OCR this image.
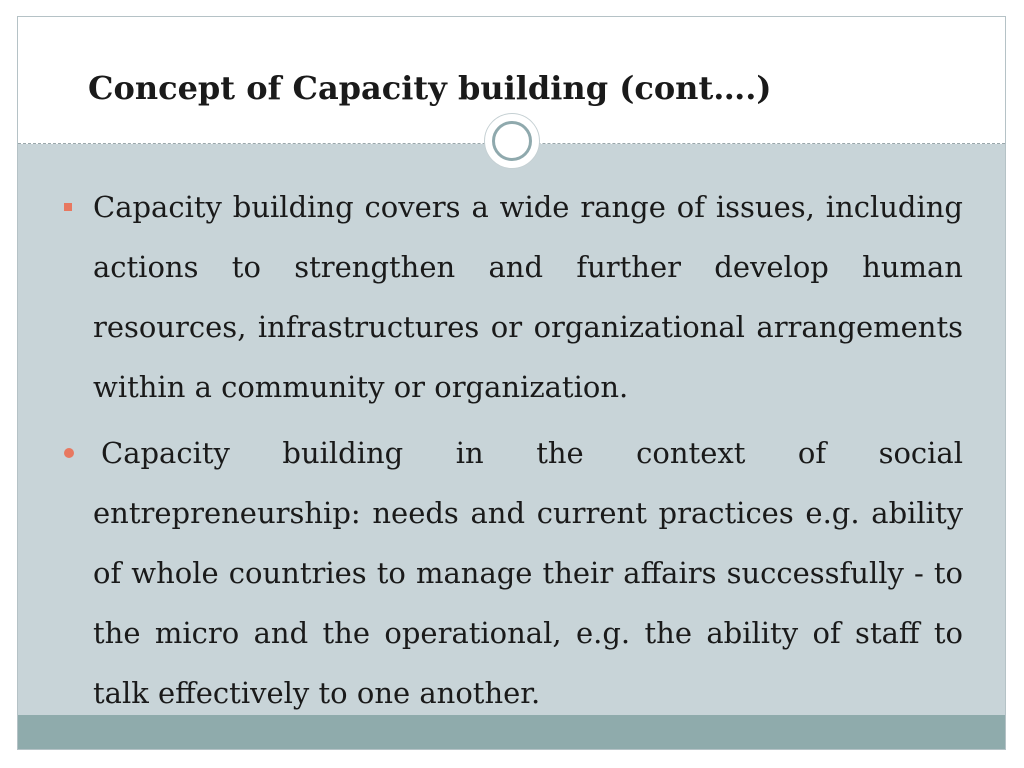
Concept of Capacity building (cont….)
Capacity building covers a wide range of issues, including actions to strengthen and further develop human resources, infrastructures or organizational arrangements within a community or organization.
Capacity building in the context of social entrepreneurship: needs and current practices e.g. ability of whole countries to manage their affairs successfully - to the micro and the operational, e.g. the ability of staff to talk effectively to one another.
